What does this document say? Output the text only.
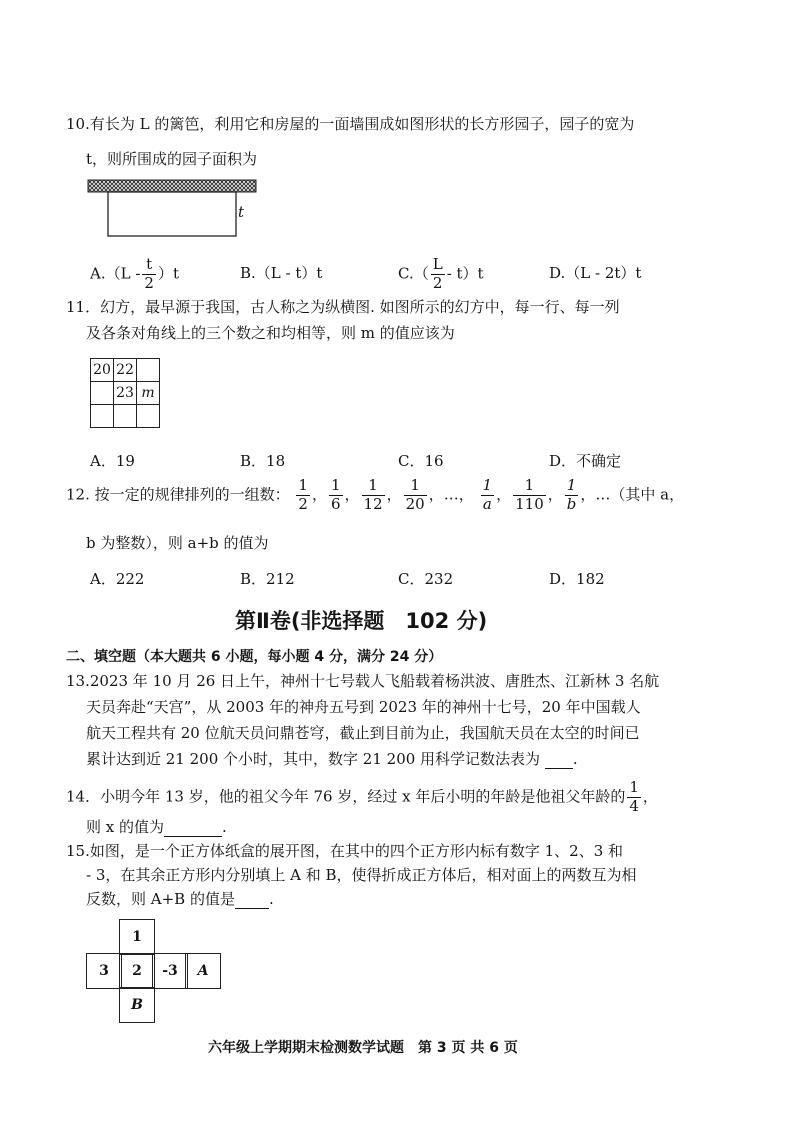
10.有长为 L 的篱笆，利用它和房屋的一面墙围成如图形状的长方形园子，园子的宽为
t，则所围成的园子面积为
t
$A.(L - \frac{t}{2} )t$	B.（L - t）t	$C.( \frac{L}{2} - t)t$	D.（L - 2t）t
11．幻方，最早源于我国，古人称之为纵横图. 如图所示的幻方中，每一行、每一列
及各条对角线上的三个数之和均相等，则 m 的值应该为
20	22	
	23	m

A．19	B．18	C．16	D．不确定
12. 按一定的规律排列的一组数： $\frac{1}{2}$ ， $\frac{1}{6}$ ， $\frac{1}{12}$ ， $\frac{1}{20}$ ，…， $\frac{1}{a}$ ， $\frac{1}{110}$ ， $\frac{1}{b}$ ，…（其中 a，
b 为整数），则 a+b 的值为
A．222	B．212	C．232	D．182
第Ⅱ卷(非选择题　102 分)
二、填空题（本大题共 6 小题，每小题 4 分，满分 24 分）
13.2023 年 10 月 26 日上午，神州十七号载人飞船载着杨洪波、唐胜杰、江新林 3 名航
天员奔赴“天宫”，从 2003 年的神舟五号到 2023 年的神州十七号，20 年中国载人
航天工程共有 20 位航天员问鼎苍穹，截止到目前为止，我国航天员在太空的时间已
累计达到近 21 200 个小时，其中，数字 21 200 用科学记数法表为 .
14．小明今年 13 岁，他的祖父今年 76 岁，经过 x 年后小明的年龄是他祖父年龄的 $\frac{1}{4}$ ，
则 x 的值为	.
15.如图，是一个正方体纸盒的展开图，在其中的四个正方形内标有数字 1、2、3 和
- 3，在其余正方形内分别填上 A 和 B，使得折成正方体后，相对面上的两数互为相
反数，则 A+B 的值是 .
1
3	2	-3	A
B
六年级上学期期末检测数学试题　第 3 页 共 6 页
